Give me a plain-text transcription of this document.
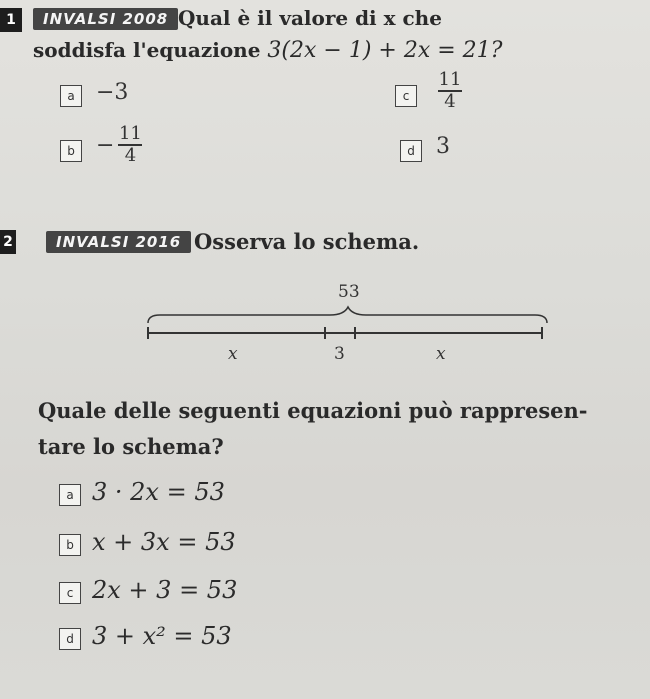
1	INVALSI 2008 Qual è il valore di x che
soddisfa l'equazione 3(2x − 1) + 2x = 21?
a −3	c	$\frac{11}{4}$
$b - \frac{11}{4}$	d 3
2	INVALSI 2016 Osserva lo schema.
53
x	3	x
Quale delle seguenti equazioni può rappresen-
tare lo schema?
a 3 · 2x = 53
b x + 3x = 53
c 2x + 3 = 53
d 3 + x² = 53
